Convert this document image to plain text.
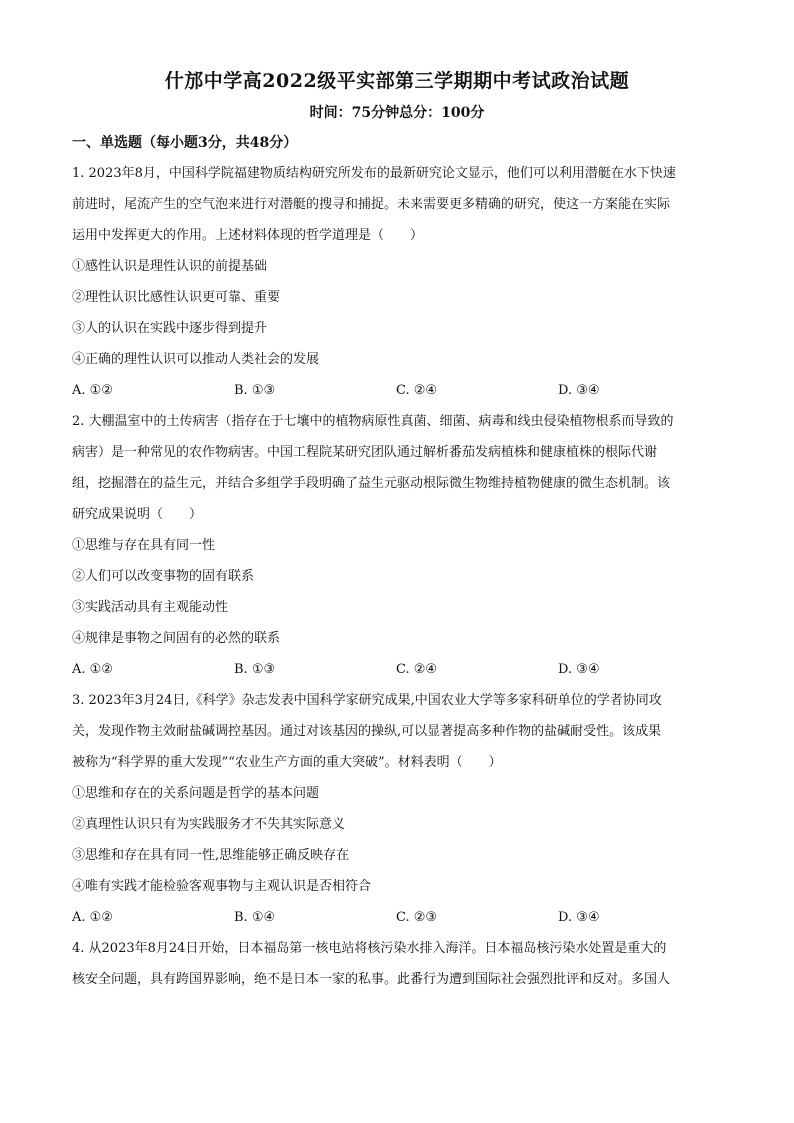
什邡中学高2022级平实部第三学期期中考试政治试题

时间：75分钟总分：100分

一、单选题（每小题3分，共48分）

1. 2023年8月，中国科学院福建物质结构研究所发布的最新研究论文显示，他们可以利用潜艇在水下快速

前进时，尾流产生的空气泡来进行对潜艇的搜寻和捕捉。未来需要更多精确的研究，使这一方案能在实际

运用中发挥更大的作用。上述材料体现的哲学道理是（　　）

①感性认识是理性认识的前提基础

②理性认识比感性认识更可靠、重要

③人的认识在实践中逐步得到提升

④正确的理性认识可以推动人类社会的发展

A. ①②	B. ①③	C. ②④	D. ③④

2. 大棚温室中的土传病害（指存在于七壤中的植物病原性真菌、细菌、病毒和线虫侵染植物根系而导致的

病害）是一种常见的农作物病害。中国工程院某研究团队通过解析番茄发病植株和健康植株的根际代谢

组，挖掘潜在的益生元，并结合多组学手段明确了益生元驱动根际微生物维持植物健康的微生态机制。该

研究成果说明（　　）

①思维与存在具有同一性

②人们可以改变事物的固有联系

③实践活动具有主观能动性

④规律是事物之间固有的必然的联系

A. ①②	B. ①③	C. ②④	D. ③④

3. 2023年3月24日,《科学》杂志发表中国科学家研究成果,中国农业大学等多家科研单位的学者协同攻

关，发现作物主效耐盐碱调控基因。通过对该基因的操纵,可以显著提高多种作物的盐碱耐受性。该成果

被称为“科学界的重大发现”“农业生产方面的重大突破”。材料表明（　　）

①思维和存在的关系问题是哲学的基本问题

②真理性认识只有为实践服务才不失其实际意义

③思维和存在具有同一性,思维能够正确反映存在

④唯有实践才能检验客观事物与主观认识是否相符合

A. ①②	B. ①④	C. ②③	D. ③④

4. 从2023年8月24日开始，日本福岛第一核电站将核污染水排入海洋。日本福岛核污染水处置是重大的

核安全问题，具有跨国界影响，绝不是日本一家的私事。此番行为遭到国际社会强烈批评和反对。多国人
